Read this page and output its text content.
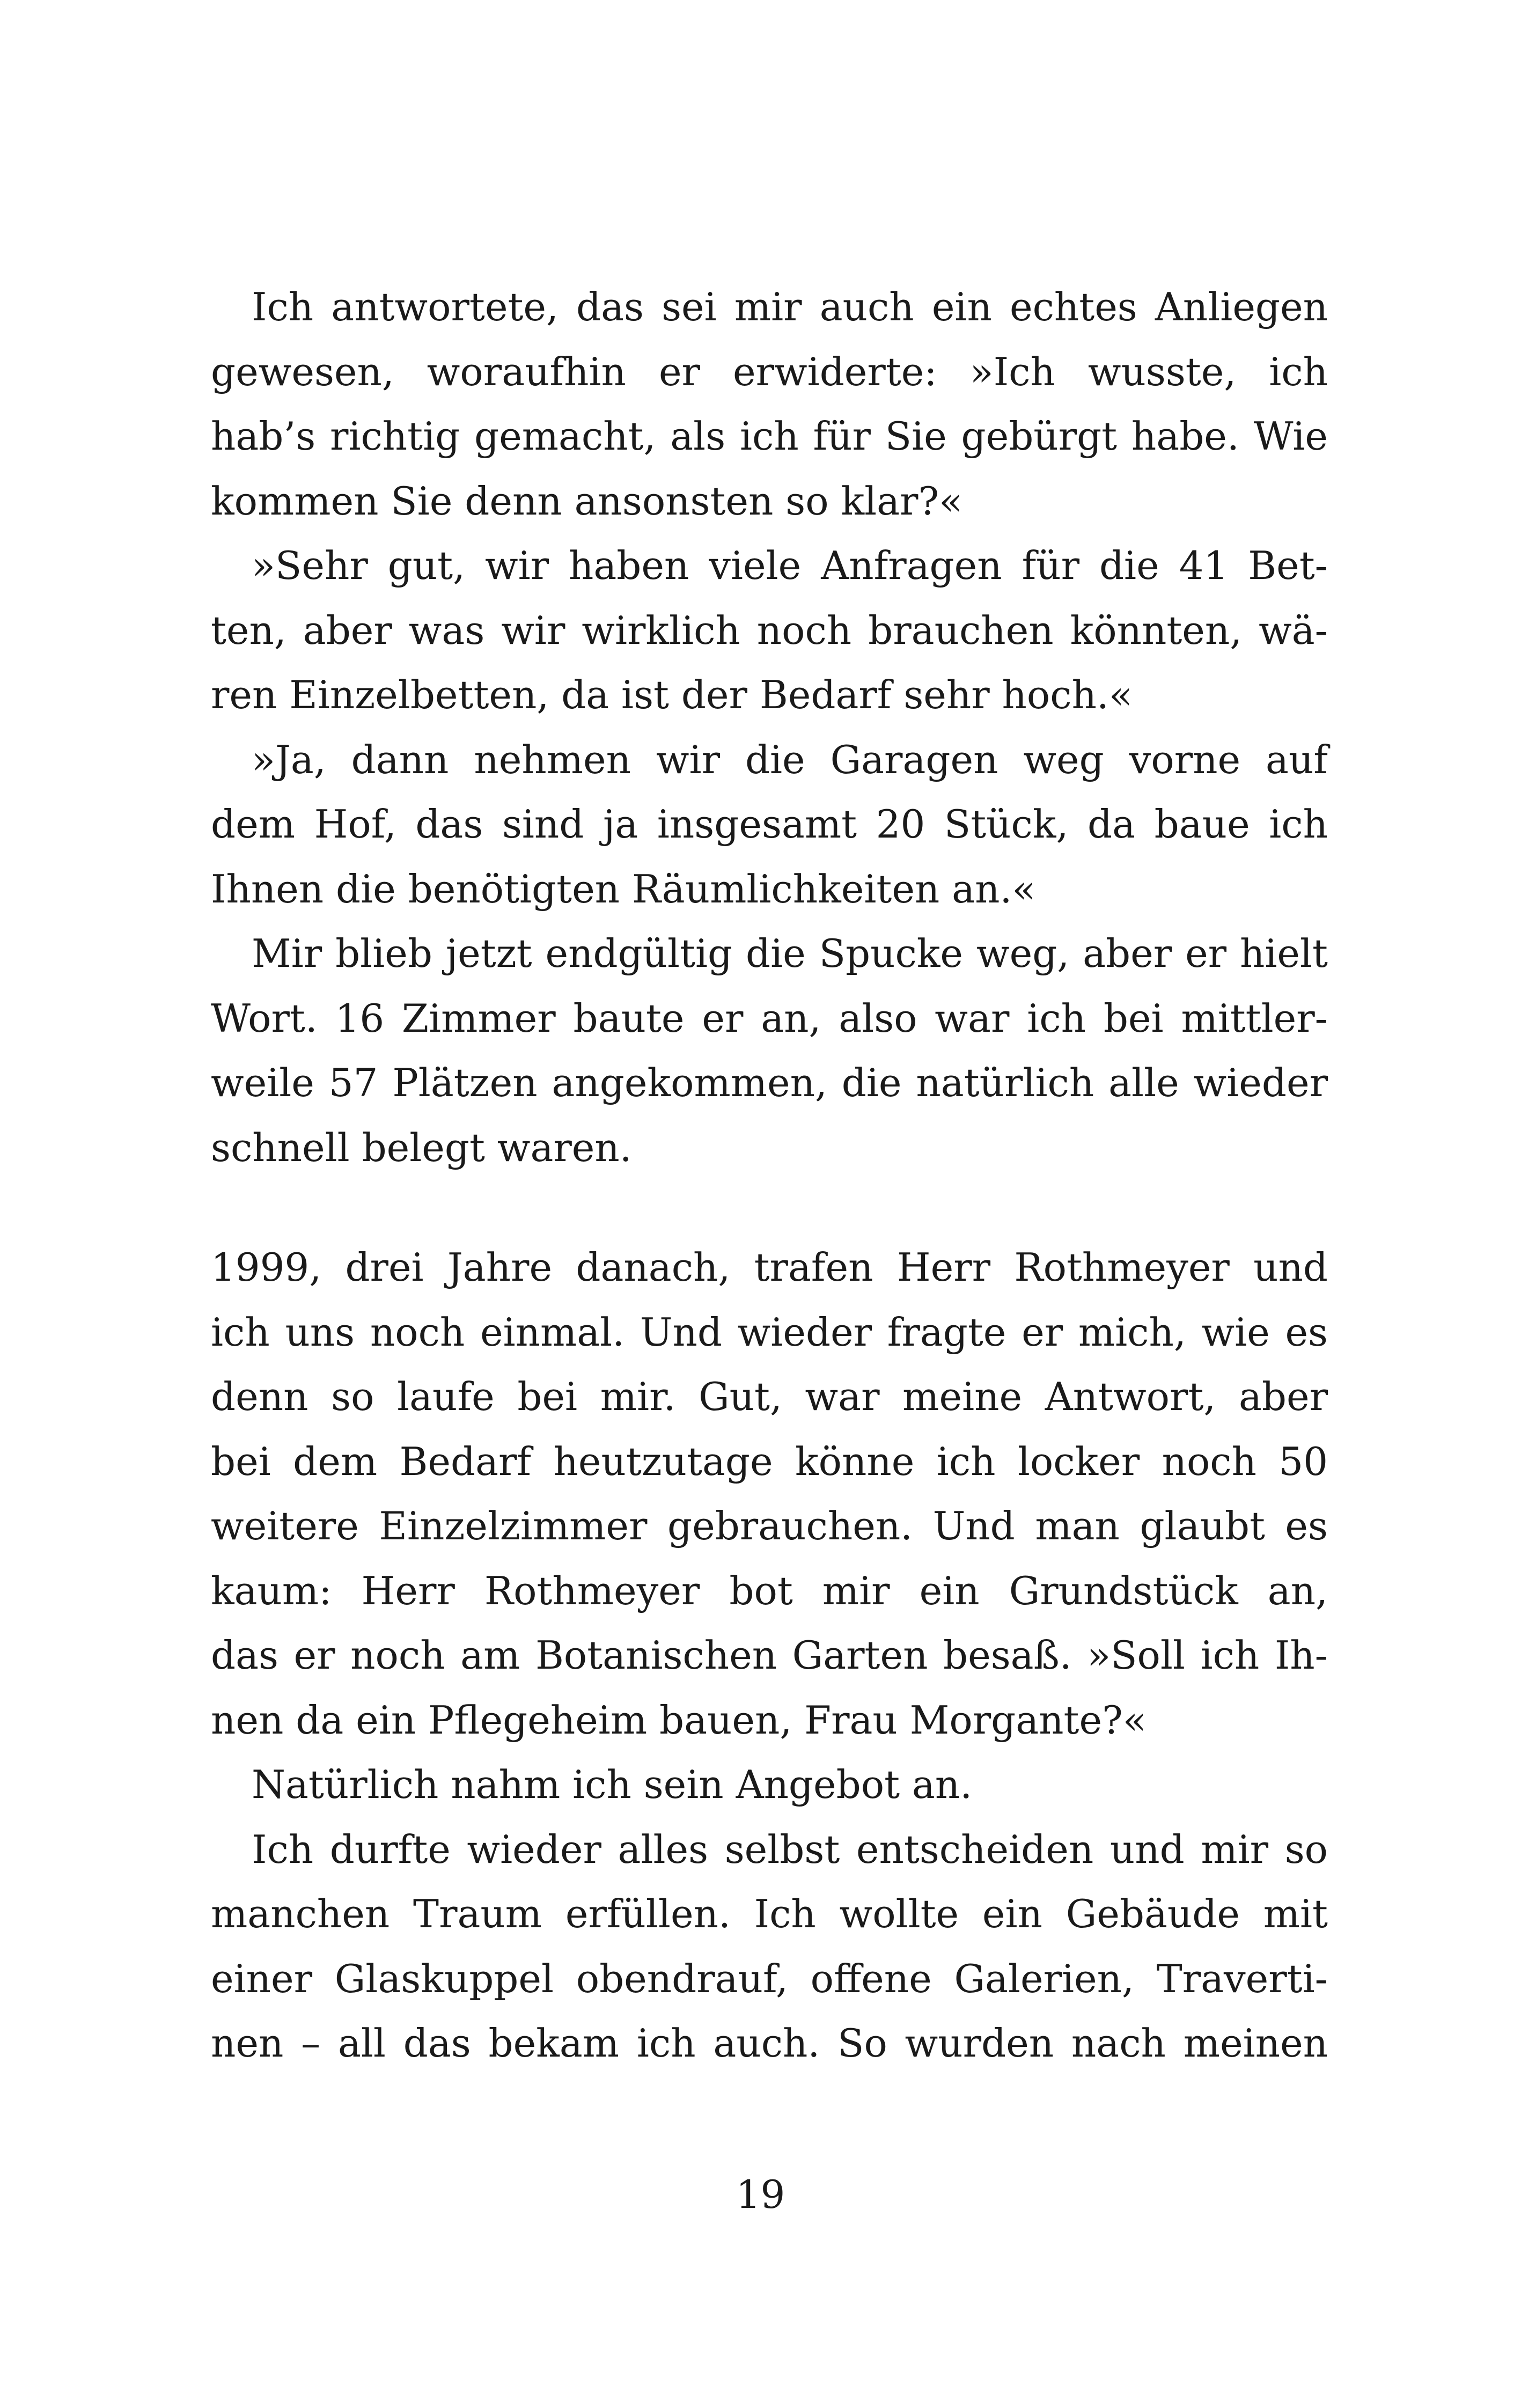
Ich antwortete, das sei mir auch ein echtes Anliegen
gewesen, woraufhin er erwiderte: »Ich wusste, ich
hab’s richtig gemacht, als ich für Sie gebürgt habe. Wie
kommen Sie denn ansonsten so klar?«
»Sehr gut, wir haben viele Anfragen für die 41 Bet-
ten, aber was wir wirklich noch brauchen könnten, wä-
ren Einzelbetten, da ist der Bedarf sehr hoch.«
»Ja, dann nehmen wir die Garagen weg vorne auf
dem Hof, das sind ja insgesamt 20 Stück, da baue ich
Ihnen die benötigten Räumlichkeiten an.«
Mir blieb jetzt endgültig die Spucke weg, aber er hielt
Wort. 16 Zimmer baute er an, also war ich bei mittler-
weile 57 Plätzen angekommen, die natürlich alle wieder
schnell belegt waren.
1999, drei Jahre danach, trafen Herr Rothmeyer und
ich uns noch einmal. Und wieder fragte er mich, wie es
denn so laufe bei mir. Gut, war meine Antwort, aber
bei dem Bedarf heutzutage könne ich locker noch 50
weitere Einzelzimmer gebrauchen. Und man glaubt es
kaum: Herr Rothmeyer bot mir ein Grundstück an,
das er noch am Botanischen Garten besaß. »Soll ich Ih-
nen da ein Pflegeheim bauen, Frau Morgante?«
Natürlich nahm ich sein Angebot an.
Ich durfte wieder alles selbst entscheiden und mir so
manchen Traum erfüllen. Ich wollte ein Gebäude mit
einer Glaskuppel obendrauf, offene Galerien, Traverti-
nen – all das bekam ich auch. So wurden nach meinen
19
